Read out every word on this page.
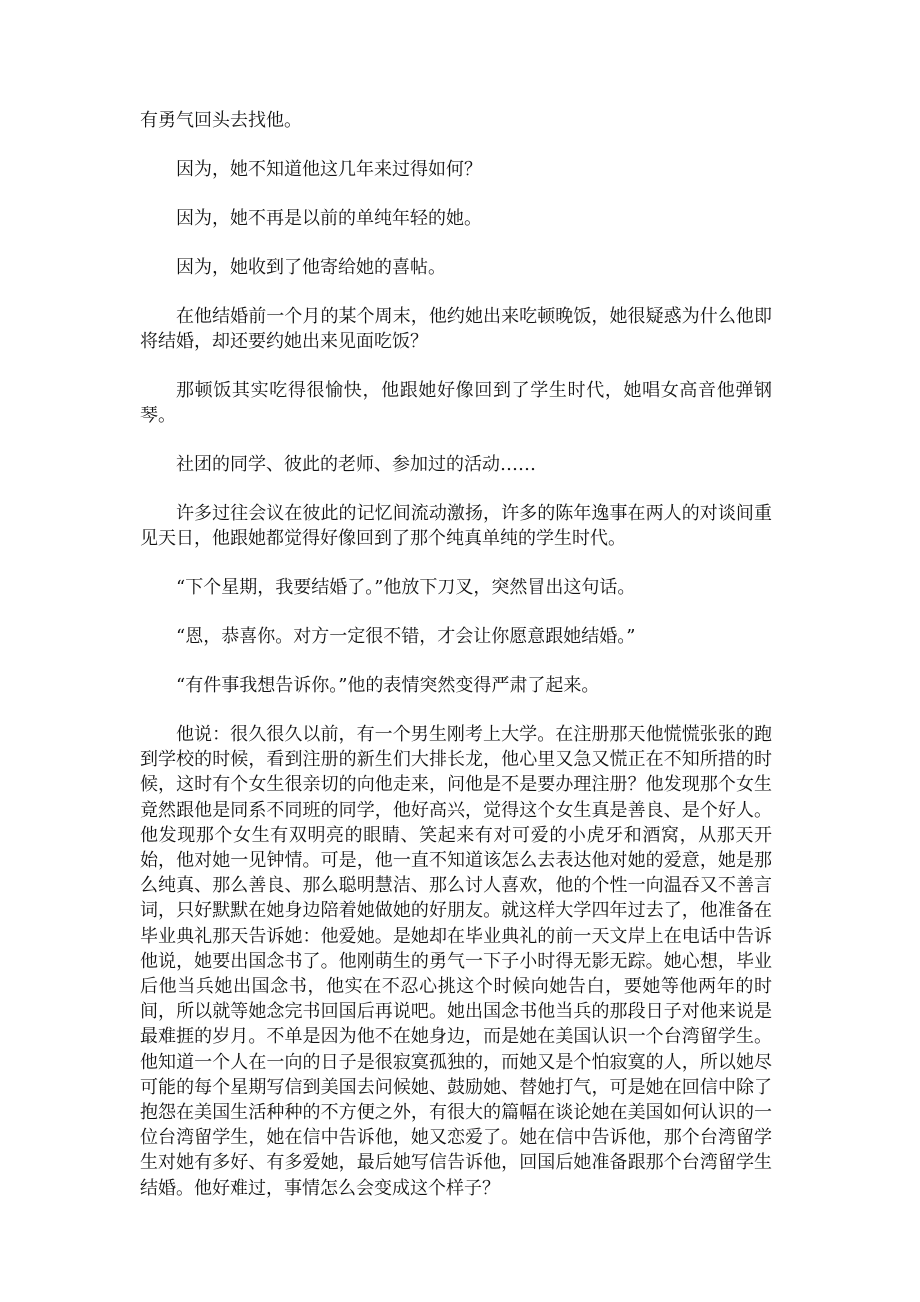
有勇气回头去找他。

因为，她不知道他这几年来过得如何？

因为，她不再是以前的单纯年轻的她。

因为，她收到了他寄给她的喜帖。

在他结婚前一个月的某个周末，他约她出来吃顿晚饭，她很疑惑为什么他即将结婚，却还要约她出来见面吃饭？

那顿饭其实吃得很愉快，他跟她好像回到了学生时代，她唱女高音他弹钢琴。

社团的同学、彼此的老师、参加过的活动……

许多过往会议在彼此的记忆间流动激扬，许多的陈年逸事在两人的对谈间重见天日，他跟她都觉得好像回到了那个纯真单纯的学生时代。

“下个星期，我要结婚了。”他放下刀叉，突然冒出这句话。

“恩，恭喜你。对方一定很不错，才会让你愿意跟她结婚。”

“有件事我想告诉你。”他的表情突然变得严肃了起来。

他说：很久很久以前，有一个男生刚考上大学。在注册那天他慌慌张张的跑到学校的时候，看到注册的新生们大排长龙，他心里又急又慌正在不知所措的时候，这时有个女生很亲切的向他走来，问他是不是要办理注册？他发现那个女生竟然跟他是同系不同班的同学，他好高兴，觉得这个女生真是善良、是个好人。他发现那个女生有双明亮的眼睛、笑起来有对可爱的小虎牙和酒窝，从那天开始，他对她一见钟情。可是，他一直不知道该怎么去表达他对她的爱意，她是那么纯真、那么善良、那么聪明慧洁、那么讨人喜欢，他的个性一向温吞又不善言词，只好默默在她身边陪着她做她的好朋友。就这样大学四年过去了，他准备在毕业典礼那天告诉她：他爱她。是她却在毕业典礼的前一天文岸上在电话中告诉他说，她要出国念书了。他刚萌生的勇气一下子小时得无影无踪。她心想，毕业后他当兵她出国念书，他实在不忍心挑这个时候向她告白，要她等他两年的时间，所以就等她念完书回国后再说吧。她出国念书他当兵的那段日子对他来说是最难捱的岁月。不单是因为他不在她身边，而是她在美国认识一个台湾留学生。他知道一个人在一向的日子是很寂寞孤独的，而她又是个怕寂寞的人，所以她尽可能的每个星期写信到美国去问候她、鼓励她、替她打气，可是她在回信中除了抱怨在美国生活种种的不方便之外，有很大的篇幅在谈论她在美国如何认识的一位台湾留学生，她在信中告诉他，她又恋爱了。她在信中告诉他，那个台湾留学生对她有多好、有多爱她，最后她写信告诉他，回国后她准备跟那个台湾留学生结婚。他好难过，事情怎么会变成这个样子？
